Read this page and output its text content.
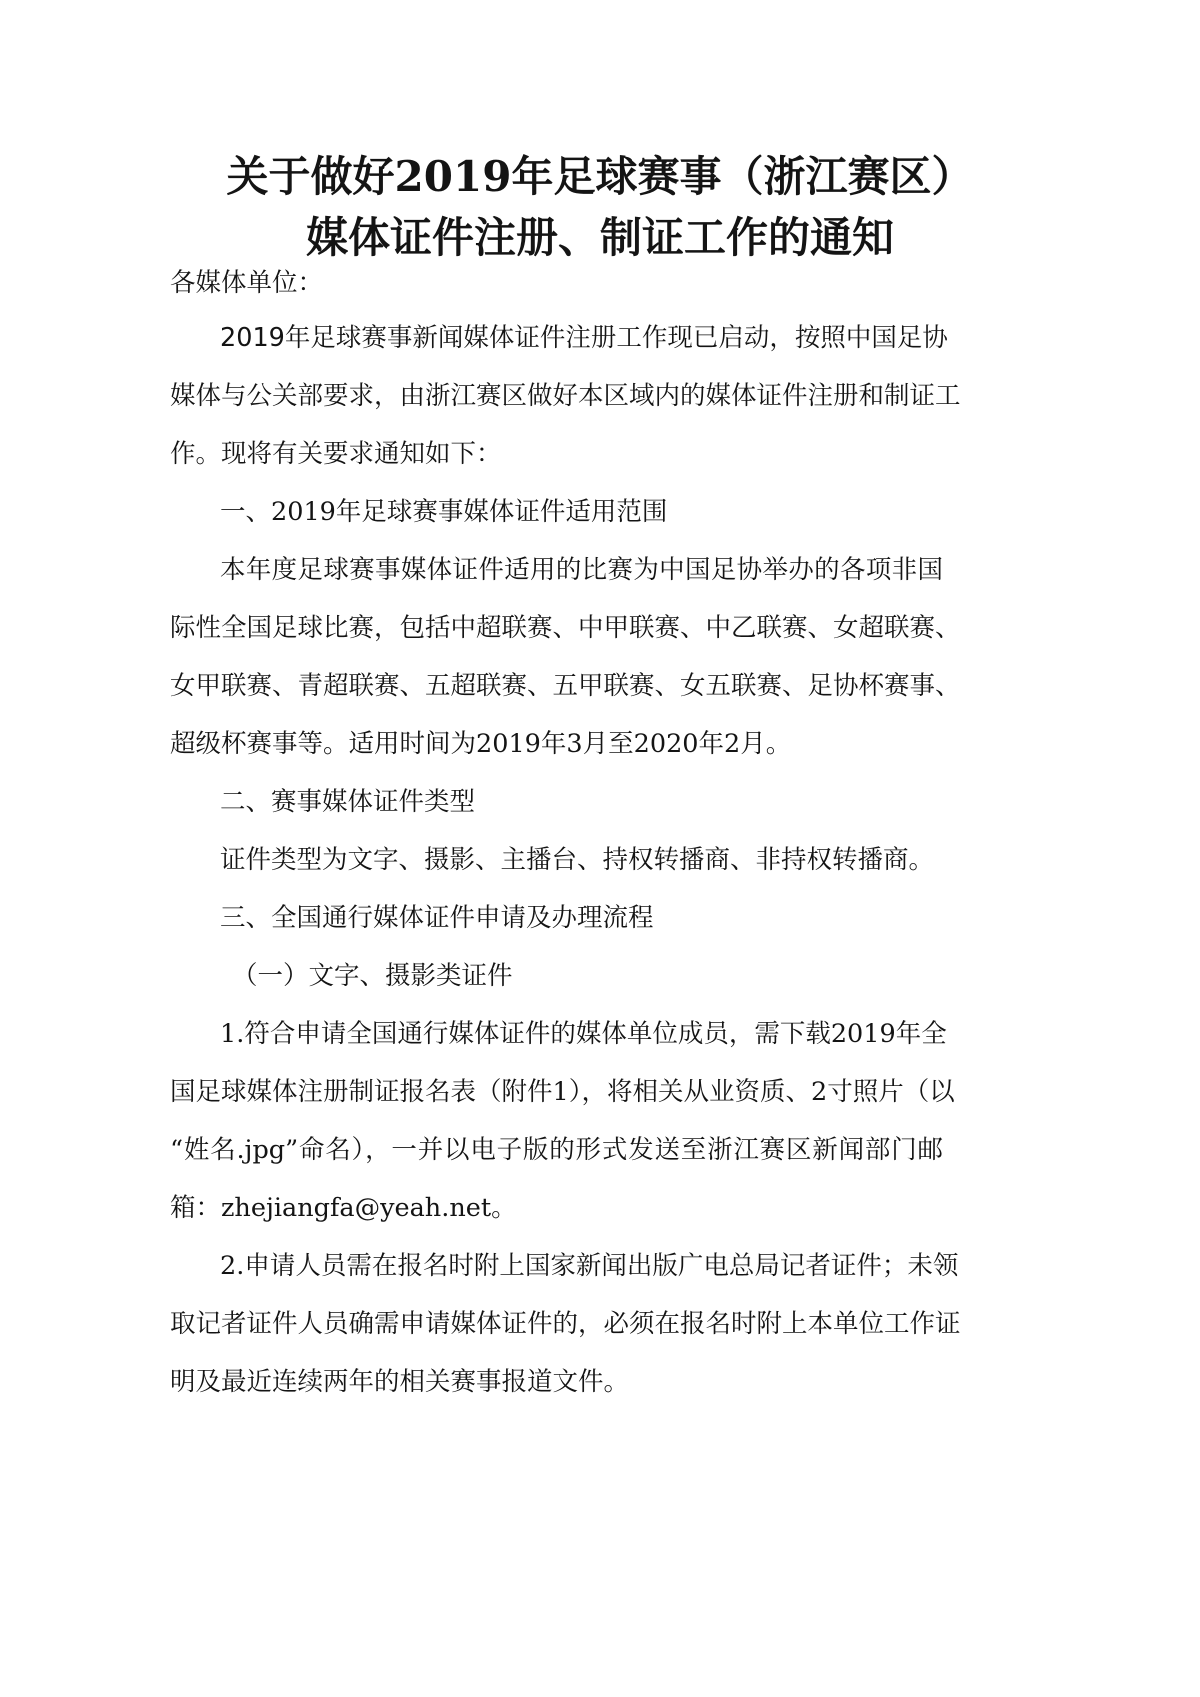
关于做好2019年足球赛事（浙江赛区）
媒体证件注册、制证工作的通知
各媒体单位：
2019年足球赛事新闻媒体证件注册工作现已启动，按照中国足协
媒体与公关部要求，由浙江赛区做好本区域内的媒体证件注册和制证工
作。现将有关要求通知如下：
一、2019年足球赛事媒体证件适用范围
本年度足球赛事媒体证件适用的比赛为中国足协举办的各项非国
际性全国足球比赛，包括中超联赛、中甲联赛、中乙联赛、女超联赛、
女甲联赛、青超联赛、五超联赛、五甲联赛、女五联赛、足协杯赛事、
超级杯赛事等。适用时间为2019年3月至2020年2月。
二、赛事媒体证件类型
证件类型为文字、摄影、主播台、持权转播商、非持权转播商。
三、全国通行媒体证件申请及办理流程
（一）文字、摄影类证件
1.符合申请全国通行媒体证件的媒体单位成员，需下载2019年全
国足球媒体注册制证报名表（附件1），将相关从业资质、2寸照片（以
“姓名.jpg”命名），一并以电子版的形式发送至浙江赛区新闻部门邮
箱：zhejiangfa@yeah.net。
2.申请人员需在报名时附上国家新闻出版广电总局记者证件；未领
取记者证件人员确需申请媒体证件的，必须在报名时附上本单位工作证
明及最近连续两年的相关赛事报道文件。
